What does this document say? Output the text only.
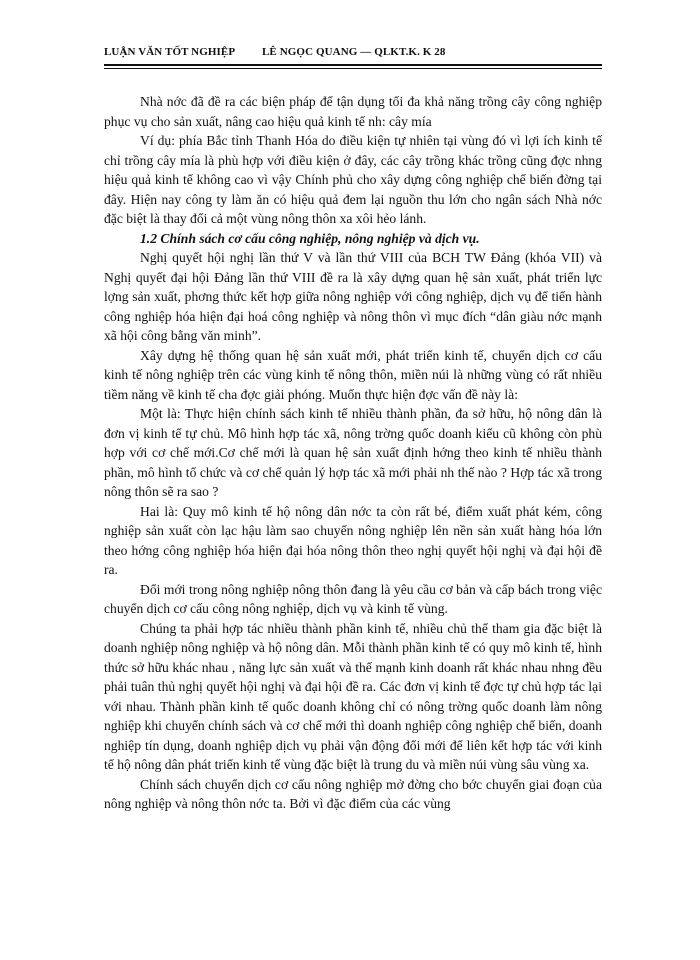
LUẬN VĂN TỐT NGHIỆP LÊ NGỌC QUANG — QLKT.K. K 28

Nhà nớc đã đề ra các biện pháp để tận dụng tối đa khả năng trồng cây công nghiệp phục vụ cho sản xuất, nâng cao hiệu quả kinh tế nh: cây mía

Ví dụ: phía Bắc tỉnh Thanh Hóa do điều kiện tự nhiên tại vùng đó vì lợi ích kinh tế chỉ trồng cây mía là phù hợp với điều kiện ở đây, các cây trồng khác trồng cũng đợc nhng hiệu quả kinh tế không cao vì vậy Chính phủ cho xây dựng công nghiệp chế biến đờng tại đây. Hiện nay công ty làm ăn có hiệu quả đem lại nguồn thu lớn cho ngân sách Nhà nớc đặc biệt là thay đổi cả một vùng nông thôn xa xôi hẻo lánh.

1.2 Chính sách cơ cấu công nghiệp, nông nghiệp và dịch vụ.

Nghị quyết hội nghị lần thứ V và lần thứ VIII của BCH TW Đảng (khóa VII) và Nghị quyết đại hội Đảng lần thứ VIII đề ra là xây dựng quan hệ sản xuất, phát triển lực lợng sản xuất, phơng thức kết hợp giữa nông nghiệp với công nghiệp, dịch vụ để tiến hành công nghiệp hóa hiện đại hoá công nghiệp và nông thôn vì mục đích “dân giàu nớc mạnh xã hội công bằng văn minh”.

Xây dựng hệ thống quan hệ sản xuất mới, phát triển kinh tế, chuyển dịch cơ cấu kinh tế nông nghiệp trên các vùng kinh tế nông thôn, miền núi là những vùng có rất nhiều tiềm năng về kinh tế cha đợc giải phóng. Muốn thực hiện đợc vấn đề này là:

Một là: Thực hiện chính sách kinh tế nhiều thành phần, đa sở hữu, hộ nông dân là đơn vị kinh tế tự chủ. Mô hình hợp tác xã, nông trờng quốc doanh kiểu cũ không còn phù hợp với cơ chế mới.Cơ chế mới là quan hệ sản xuất định hớng theo kinh tế nhiều thành phần, mô hình tổ chức và cơ chế quản lý hợp tác xã mới phải nh thế nào ? Hợp tác xã trong nông thôn sẽ ra sao ?

Hai là: Quy mô kinh tế hộ nông dân nớc ta còn rất bé, điểm xuất phát kém, công nghiệp sản xuất còn lạc hậu làm sao chuyển nông nghiệp lên nền sản xuất hàng hóa lớn theo hớng công nghiệp hóa hiện đại hóa nông thôn theo nghị quyết hội nghị và đại hội đề ra.

Đổi mới trong nông nghiệp nông thôn đang là yêu cầu cơ bản và cấp bách trong việc chuyển dịch cơ cấu công nông nghiệp, dịch vụ và kinh tế vùng.

Chúng ta phải hợp tác nhiều thành phần kinh tế, nhiều chủ thể tham gia đặc biệt là doanh nghiệp nông nghiệp và hộ nông dân. Mỗi thành phần kinh tế có quy mô kinh tế, hình thức sở hữu khác nhau , năng lực sản xuất và thế mạnh kinh doanh rất khác nhau nhng đều phải tuân thủ nghị quyết hội nghị và đại hội đề ra. Các đơn vị kinh tế đợc tự chủ hợp tác lại với nhau. Thành phần kinh tế quốc doanh không chỉ có nông trờng quốc doanh làm nông nghiệp khi chuyển chính sách và cơ chế mới thì doanh nghiệp công nghiệp chế biến, doanh nghiệp tín dụng, doanh nghiệp dịch vụ phải vận động đổi mới để liên kết hợp tác với kinh tế hộ nông dân phát triển kinh tế vùng đặc biệt là trung du và miền núi vùng sâu vùng xa.

Chính sách chuyển dịch cơ cấu nông nghiệp mở đờng cho bớc chuyển giai đoạn của nông nghiệp và nông thôn nớc ta. Bởi vì đặc điểm của các vùng
